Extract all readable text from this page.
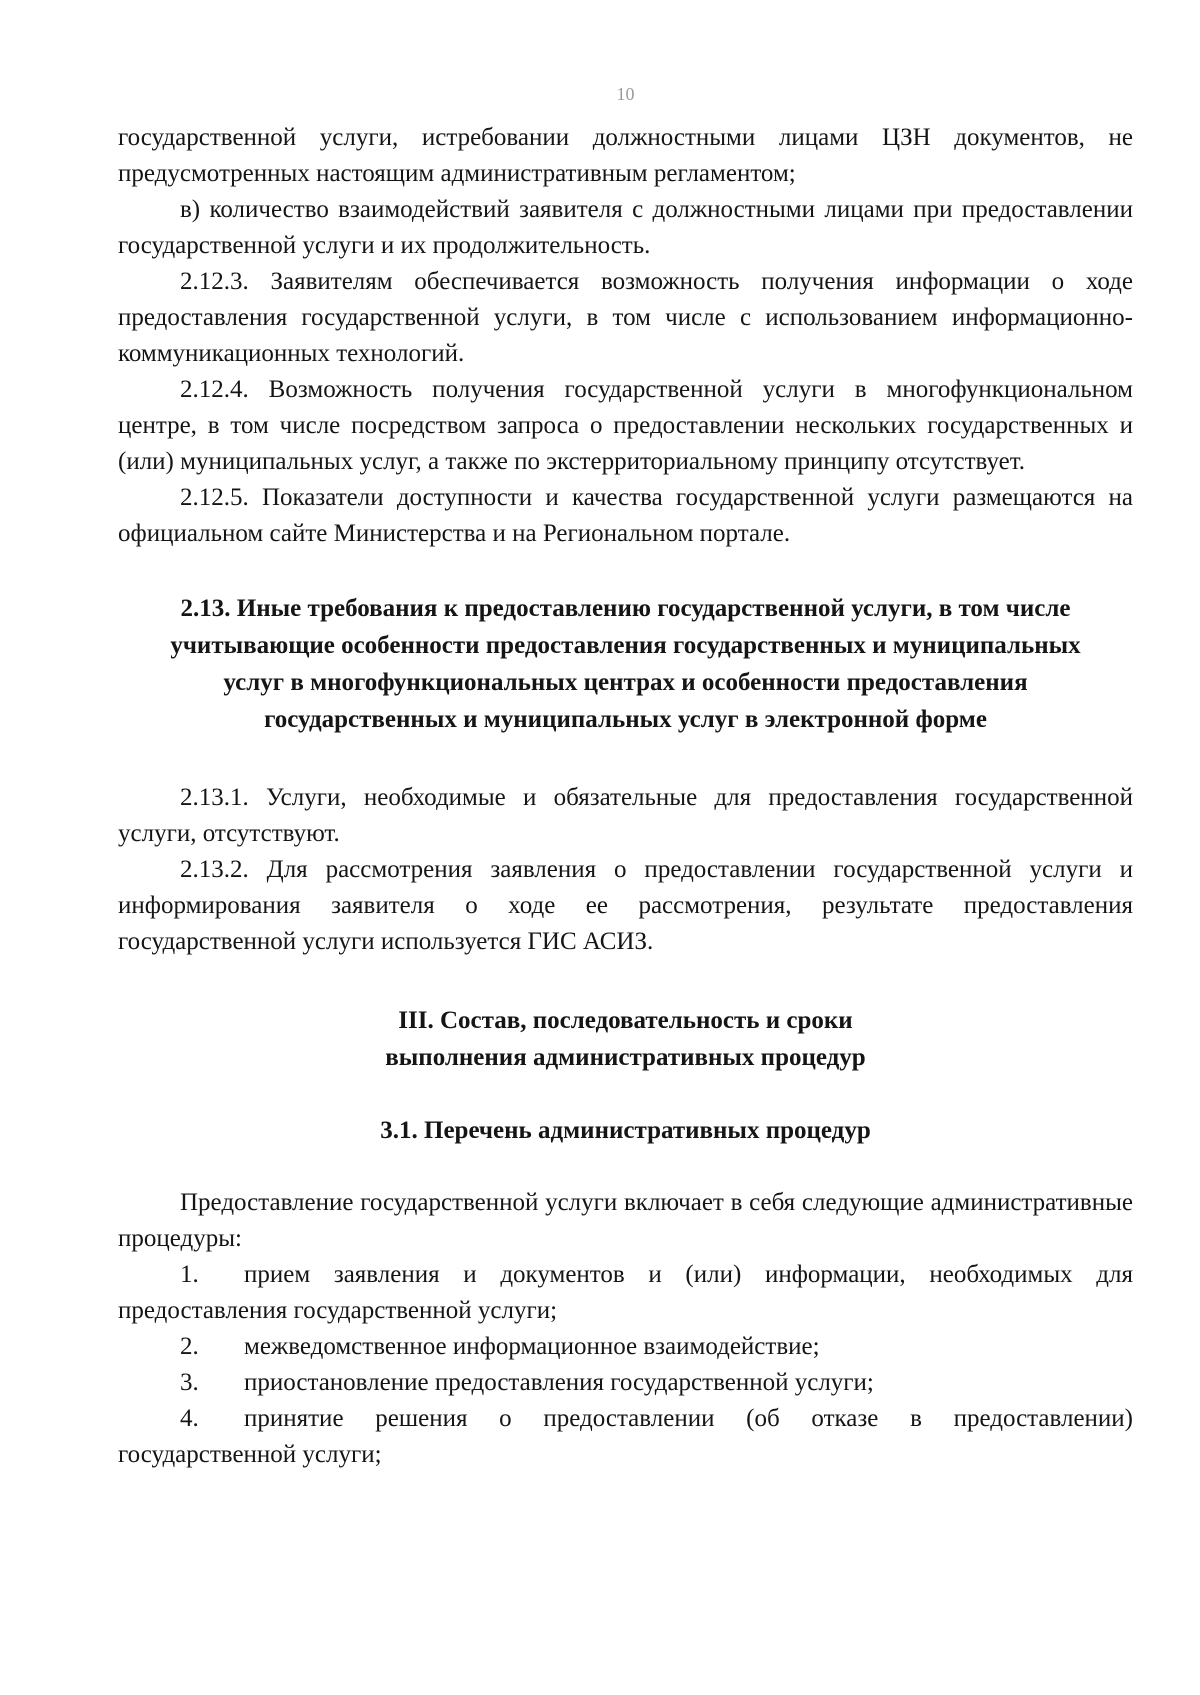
10

государственной услуги, истребовании должностными лицами ЦЗН документов, не предусмотренных настоящим административным регламентом;

в) количество взаимодействий заявителя с должностными лицами при предоставлении государственной услуги и их продолжительность.

2.12.3. Заявителям обеспечивается возможность получения информации о ходе предоставления государственной услуги, в том числе с использованием информационно-коммуникационных технологий.

2.12.4. Возможность получения государственной услуги в многофункциональном центре, в том числе посредством запроса о предоставлении нескольких государственных и (или) муниципальных услуг, а также по экстерриториальному принципу отсутствует.

2.12.5. Показатели доступности и качества государственной услуги размещаются на официальном сайте Министерства и на Региональном портале.

2.13. Иные требования к предоставлению государственной услуги, в том числе учитывающие особенности предоставления государственных и муниципальных услуг в многофункциональных центрах и особенности предоставления государственных и муниципальных услуг в электронной форме

2.13.1. Услуги, необходимые и обязательные для предоставления государственной услуги, отсутствуют.

2.13.2. Для рассмотрения заявления о предоставлении государственной услуги и информирования заявителя о ходе ее рассмотрения, результате предоставления государственной услуги используется ГИС АСИЗ.

III. Состав, последовательность и сроки
выполнения административных процедур
3.1. Перечень административных процедур

Предоставление государственной услуги включает в себя следующие административные процедуры:

1. прием заявления и документов и (или) информации, необходимых для предоставления государственной услуги;

2. межведомственное информационное взаимодействие;

3. приостановление предоставления государственной услуги;

4. принятие решения о предоставлении (об отказе в предоставлении) государственной услуги;
